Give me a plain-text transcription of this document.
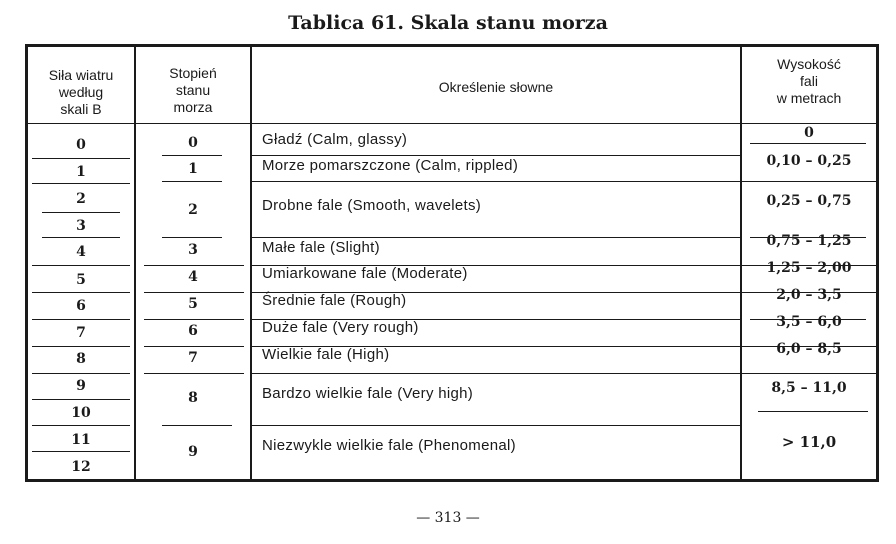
Tablica 61. Skala stanu morza
Siła wiatru
według
skali B
Stopień
stanu
morza
Określenie słowne
Wysokość
fali
w metrach
0
1
2
3
4
5
6
7
8
9
10
11
12
0
1
2
3
4
5
6
7
8
9
Gładź (Calm, glassy)
Morze pomarszczone (Calm, rippled)
Drobne fale (Smooth, wavelets)
Małe fale (Slight)
Umiarkowane fale (Moderate)
Średnie fale (Rough)
Duże fale (Very rough)
Wielkie fale (High)
Bardzo wielkie fale (Very high)
Niezwykle wielkie fale (Phenomenal)
0
0,10 – 0,25
0,25 – 0,75
0,75 – 1,25
1,25 – 2,00
2,0 – 3,5
3,5 – 6,0
6,0 – 8,5
8,5 – 11,0
> 11,0
— 313 —
